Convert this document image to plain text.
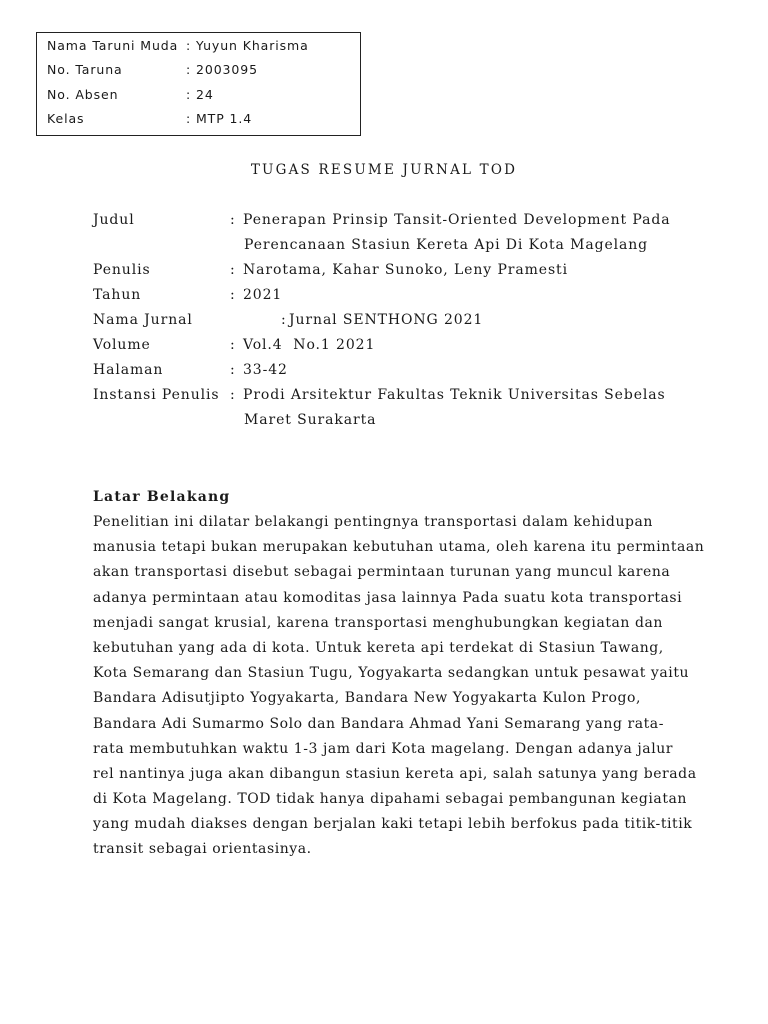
Nama Taruni Muda : Yuyun Kharisma
No. Taruna	: 2003095
No. Absen	: 24
Kelas	: MTP 1.4
TUGAS RESUME JURNAL TOD
Judul	: Penerapan Prinsip Tansit-Oriented Development Pada
Perencanaan Stasiun Kereta Api Di Kota Magelang
Penulis	: Narotama, Kahar Sunoko, Leny Pramesti
Tahun	: 2021
Nama Jurnal	: Jurnal SENTHONG 2021
Volume	: Vol.4  No.1 2021
Halaman	: 33-42
Instansi Penulis : Prodi Arsitektur Fakultas Teknik Universitas Sebelas
Maret Surakarta
Latar Belakang
Penelitian ini dilatar belakangi pentingnya transportasi dalam kehidupan
manusia tetapi bukan merupakan kebutuhan utama, oleh karena itu permintaan
akan transportasi disebut sebagai permintaan turunan yang muncul karena
adanya permintaan atau komoditas jasa lainnya Pada suatu kota transportasi
menjadi sangat krusial, karena transportasi menghubungkan kegiatan dan
kebutuhan yang ada di kota. Untuk kereta api terdekat di Stasiun Tawang,
Kota Semarang dan Stasiun Tugu, Yogyakarta sedangkan untuk pesawat yaitu
Bandara Adisutjipto Yogyakarta, Bandara New Yogyakarta Kulon Progo,
Bandara Adi Sumarmo Solo dan Bandara Ahmad Yani Semarang yang rata-
rata membutuhkan waktu 1-3 jam dari Kota magelang. Dengan adanya jalur
rel nantinya juga akan dibangun stasiun kereta api, salah satunya yang berada
di Kota Magelang. TOD tidak hanya dipahami sebagai pembangunan kegiatan
yang mudah diakses dengan berjalan kaki tetapi lebih berfokus pada titik-titik
transit sebagai orientasinya.
